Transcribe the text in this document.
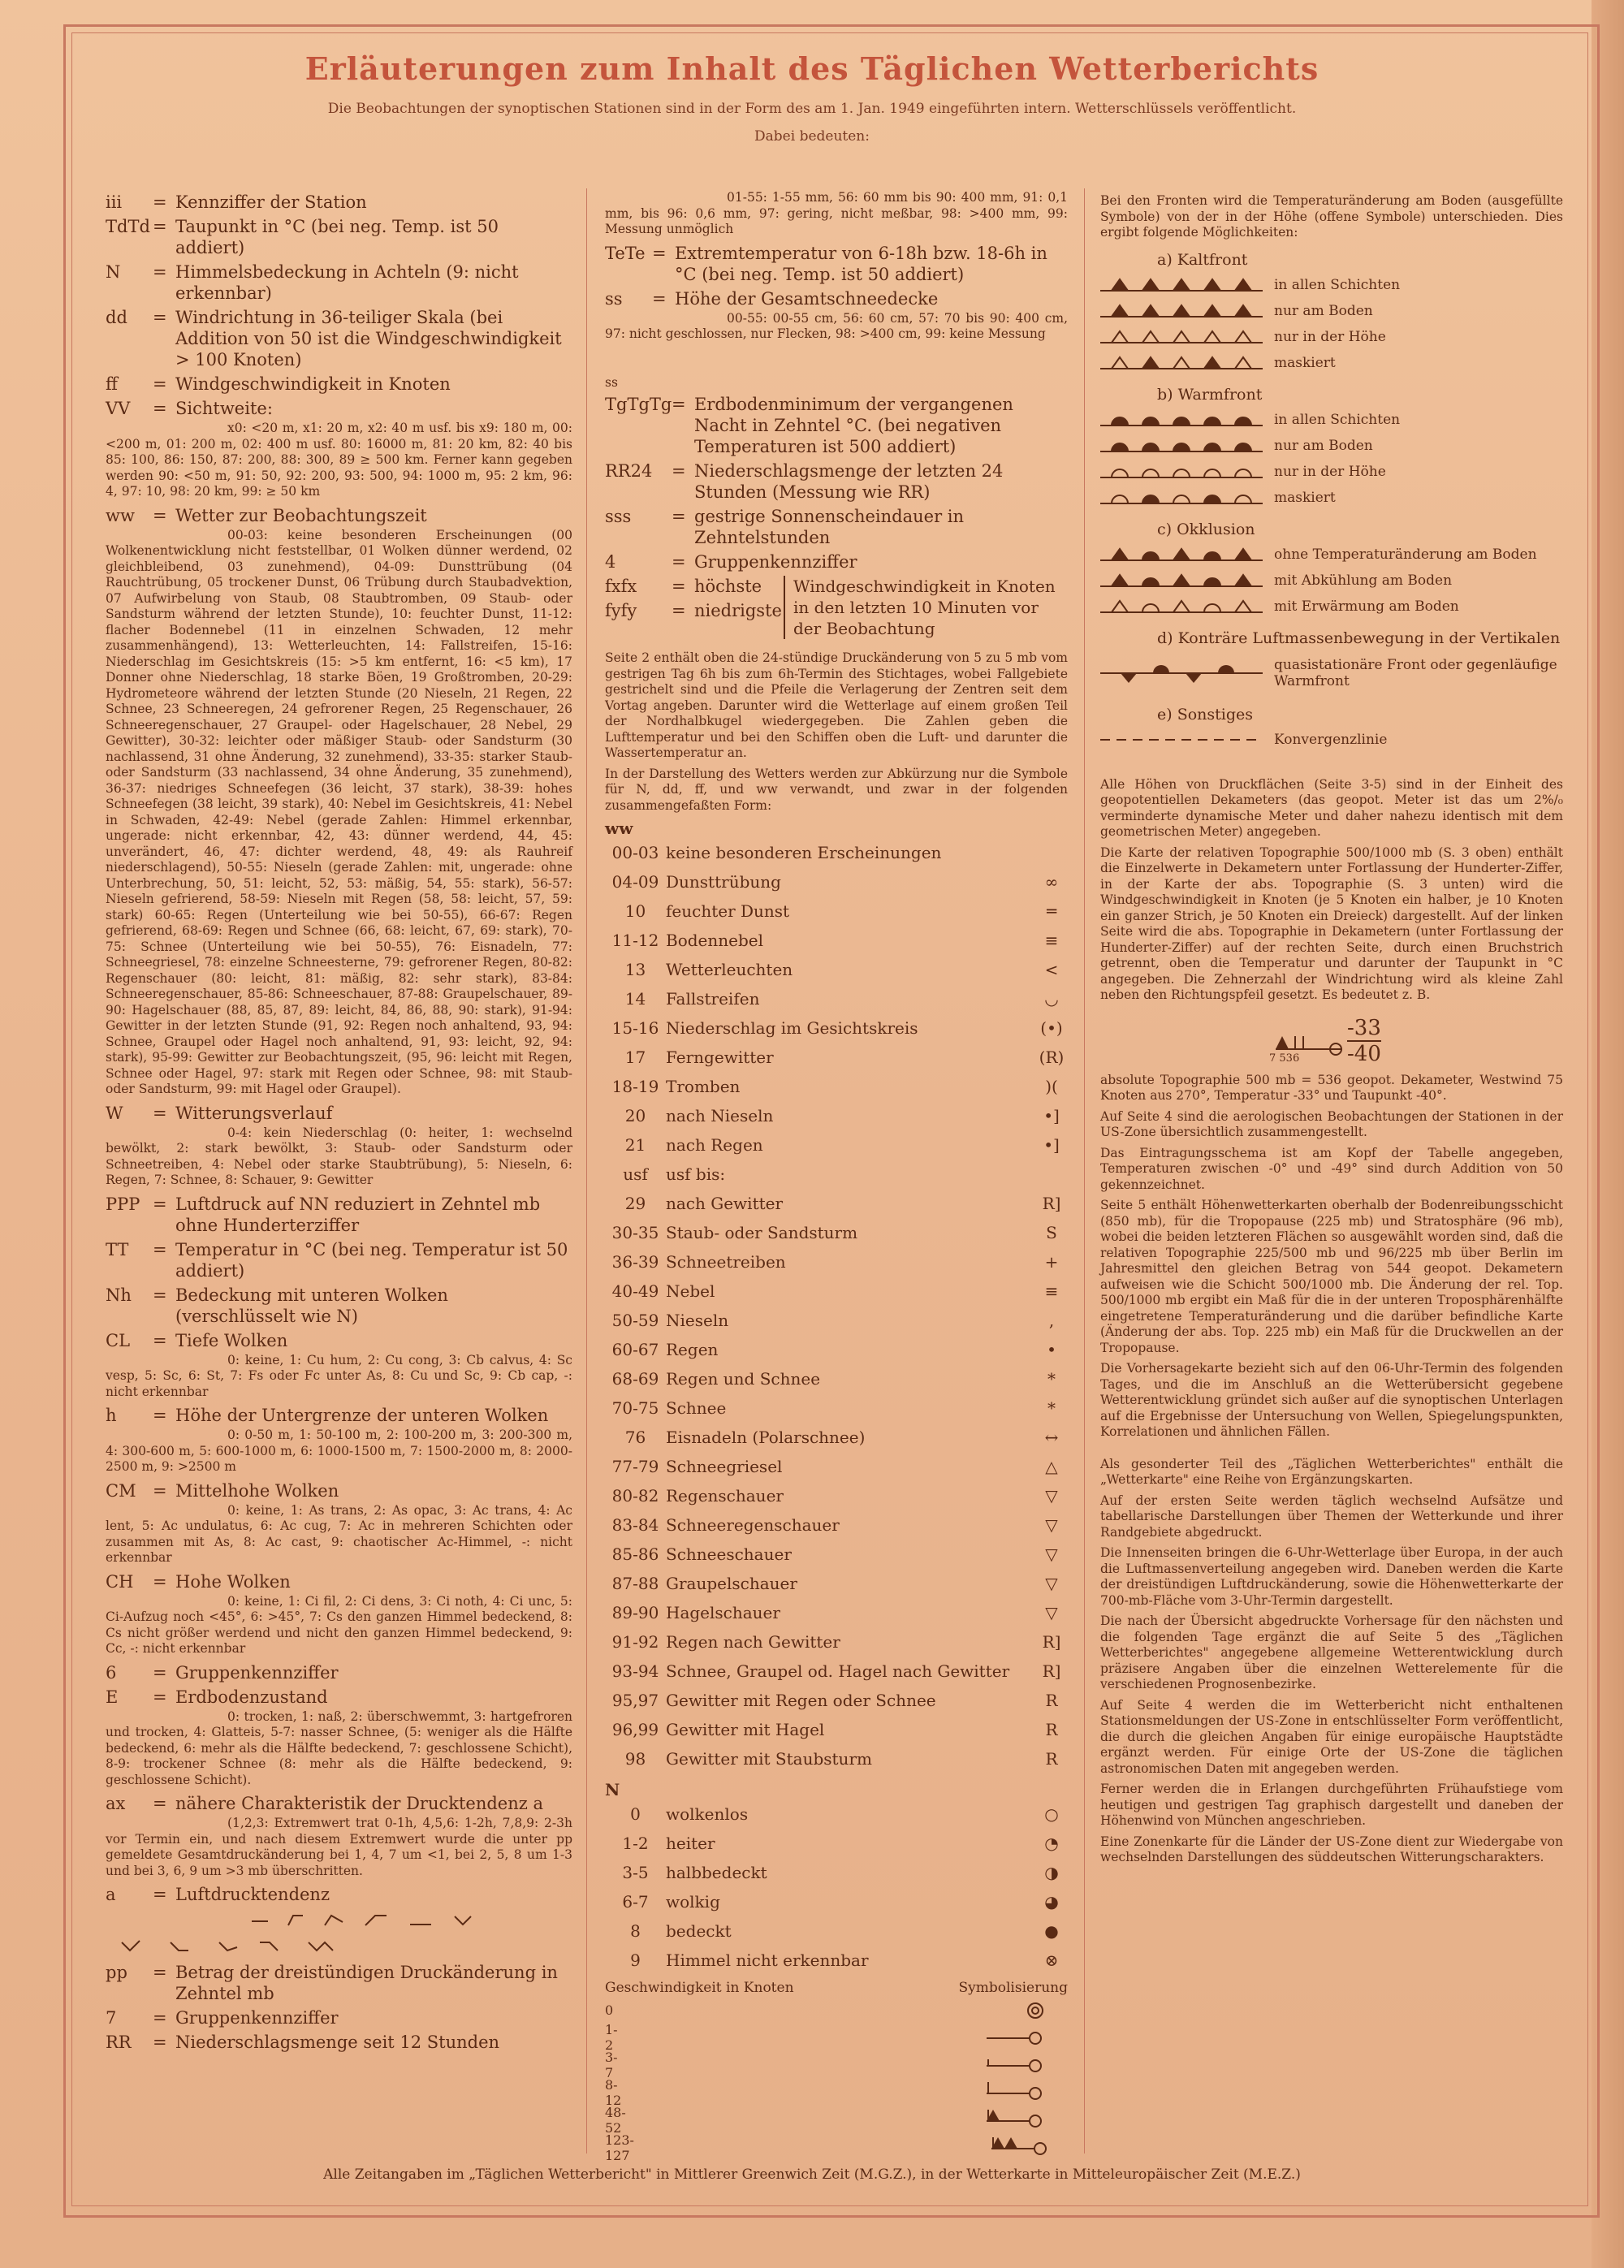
Erläuterungen zum Inhalt des Täglichen Wetterberichts
Die Beobachtungen der synoptischen Stationen sind in der Form des am 1. Jan. 1949 eingeführten intern. Wetterschlüssels veröffentlicht.
Dabei bedeuten:
iii	= Kennziffer der Station
TdTd = Taupunkt in °C (bei neg. Temp. ist 50 addiert)
N	= Himmelsbedeckung in Achteln (9: nicht erkennbar)
dd	= Windrichtung in 36-teiliger Skala (bei Addition von 50 ist die Windgeschwindigkeit > 100 Knoten)
ff	= Windgeschwindigkeit in Knoten
VV	= Sichtweite:
x0: <20 m, x1: 20 m, x2: 40 m usf. bis x9: 180 m, 00: <200 m, 01: 200 m, 02: 400 m usf. 80: 16000 m, 81: 20 km, 82: 40 bis 85: 100, 86: 150, 87: 200, 88: 300, 89 ≥ 500 km. Ferner kann gegeben werden 90: <50 m, 91: 50, 92: 200, 93: 500, 94: 1000 m, 95: 2 km, 96: 4, 97: 10, 98: 20 km, 99: ≥ 50 km
ww	= Wetter zur Beobachtungszeit
00-03: keine besonderen Erscheinungen (00 Wolkenentwicklung nicht feststellbar, 01 Wolken dünner werdend, 02 gleichbleibend, 03 zunehmend), 04-09: Dunsttrübung (04 Rauchtrübung, 05 trockener Dunst, 06 Trübung durch Staubadvektion, 07 Aufwirbelung von Staub, 08 Staubtromben, 09 Staub- oder Sandsturm während der letzten Stunde), 10: feuchter Dunst, 11-12: flacher Bodennebel (11 in einzelnen Schwaden, 12 mehr zusammenhängend), 13: Wetterleuchten, 14: Fallstreifen, 15-16: Niederschlag im Gesichtskreis (15: >5 km entfernt, 16: <5 km), 17 Donner ohne Niederschlag, 18 starke Böen, 19 Großtromben, 20-29: Hydrometeore während der letzten Stunde (20 Nieseln, 21 Regen, 22 Schnee, 23 Schneeregen, 24 gefrorener Regen, 25 Regenschauer, 26 Schneeregenschauer, 27 Graupel- oder Hagelschauer, 28 Nebel, 29 Gewitter), 30-32: leichter oder mäßiger Staub- oder Sandsturm (30 nachlassend, 31 ohne Änderung, 32 zunehmend), 33-35: starker Staub- oder Sandsturm (33 nachlassend, 34 ohne Änderung, 35 zunehmend), 36-37: niedriges Schneefegen (36 leicht, 37 stark), 38-39: hohes Schneefegen (38 leicht, 39 stark), 40: Nebel im Gesichtskreis, 41: Nebel in Schwaden, 42-49: Nebel (gerade Zahlen: Himmel erkennbar, ungerade: nicht erkennbar, 42, 43: dünner werdend, 44, 45: unverändert, 46, 47: dichter werdend, 48, 49: als Rauhreif niederschlagend), 50-55: Nieseln (gerade Zahlen: mit, ungerade: ohne Unterbrechung, 50, 51: leicht, 52, 53: mäßig, 54, 55: stark), 56-57: Nieseln gefrierend, 58-59: Nieseln mit Regen (58, 58: leicht, 57, 59: stark) 60-65: Regen (Unterteilung wie bei 50-55), 66-67: Regen gefrierend, 68-69: Regen und Schnee (66, 68: leicht, 67, 69: stark), 70-75: Schnee (Unterteilung wie bei 50-55), 76: Eisnadeln, 77: Schneegriesel, 78: einzelne Schneesterne, 79: gefrorener Regen, 80-82: Regenschauer (80: leicht, 81: mäßig, 82: sehr stark), 83-84: Schneeregenschauer, 85-86: Schneeschauer, 87-88: Graupelschauer, 89-90: Hagelschauer (88, 85, 87, 89: leicht, 84, 86, 88, 90: stark), 91-94: Gewitter in der letzten Stunde (91, 92: Regen noch anhaltend, 93, 94: Schnee, Graupel oder Hagel noch anhaltend, 91, 93: leicht, 92, 94: stark), 95-99: Gewitter zur Beobachtungszeit, (95, 96: leicht mit Regen, Schnee oder Hagel, 97: stark mit Regen oder Schnee, 98: mit Staub- oder Sandsturm, 99: mit Hagel oder Graupel).
W	= Witterungsverlauf
0-4: kein Niederschlag (0: heiter, 1: wechselnd bewölkt, 2: stark bewölkt, 3: Staub- oder Sandsturm oder Schneetreiben, 4: Nebel oder starke Staubtrübung), 5: Nieseln, 6: Regen, 7: Schnee, 8: Schauer, 9: Gewitter
PPP = Luftdruck auf NN reduziert in Zehntel mb ohne Hunderterziffer
TT	= Temperatur in °C (bei neg. Temperatur ist 50 addiert)
Nh	= Bedeckung mit unteren Wolken (verschlüsselt wie N)
CL	= Tiefe Wolken
0: keine, 1: Cu hum, 2: Cu cong, 3: Cb calvus, 4: Sc vesp, 5: Sc, 6: St, 7: Fs oder Fc unter As, 8: Cu und Sc, 9: Cb cap, -: nicht erkennbar
h	= Höhe der Untergrenze der unteren Wolken
0: 0-50 m, 1: 50-100 m, 2: 100-200 m, 3: 200-300 m, 4: 300-600 m, 5: 600-1000 m, 6: 1000-1500 m, 7: 1500-2000 m, 8: 2000-2500 m, 9: >2500 m
CM = Mittelhohe Wolken
0: keine, 1: As trans, 2: As opac, 3: Ac trans, 4: Ac lent, 5: Ac undulatus, 6: Ac cug, 7: Ac in mehreren Schichten oder zusammen mit As, 8: Ac cast, 9: chaotischer Ac-Himmel, -: nicht erkennbar
CH	= Hohe Wolken
0: keine, 1: Ci fil, 2: Ci dens, 3: Ci noth, 4: Ci unc, 5: Ci-Aufzug noch <45°, 6: >45°, 7: Cs den ganzen Himmel bedeckend, 8: Cs nicht größer werdend und nicht den ganzen Himmel bedeckend, 9: Cc, -: nicht erkennbar
6	= Gruppenkennziffer
E	= Erdbodenzustand
0: trocken, 1: naß, 2: überschwemmt, 3: hartgefroren und trocken, 4: Glatteis, 5-7: nasser Schnee, (5: weniger als die Hälfte bedeckend, 6: mehr als die Hälfte bedeckend, 7: geschlossene Schicht), 8-9: trockener Schnee (8: mehr als die Hälfte bedeckend, 9: geschlossene Schicht).
ax	= nähere Charakteristik der Drucktendenz a
(1,2,3: Extremwert trat 0-1h, 4,5,6: 1-2h, 7,8,9: 2-3h vor Termin ein, und nach diesem Extremwert wurde die unter pp gemeldete Gesamtdruckänderung bei 1, 4, 7 um <1, bei 2, 5, 8 um 1-3 und bei 3, 6, 9 um >3 mb überschritten.
a	= Luftdrucktendenz
pp	= Betrag der dreistündigen Druckänderung in Zehntel mb
7	= Gruppenkennziffer
RR	= Niederschlagsmenge seit 12 Stunden
01-55: 1-55 mm, 56: 60 mm bis 90: 400 mm, 91: 0,1 mm, bis 96: 0,6 mm, 97: gering, nicht meßbar, 98: >400 mm, 99: Messung unmöglich
TeTe = Extremtemperatur von 6-18h bzw. 18-6h in °C (bei neg. Temp. ist 50 addiert)
ss	= Höhe der Gesamtschneedecke
00-55: 00-55 cm, 56: 60 cm, 57: 70 bis 90: 400 cm, 97: nicht geschlossen, nur Flecken, 98: >400 cm, 99: keine Messung
ss
TgTgTg = Erdbodenminimum der vergangenen Nacht in Zehntel °C. (bei negativen Temperaturen ist 500 addiert)
RR24	= Niederschlagsmenge der letzten 24 Stunden (Messung wie RR)
sss	= gestrige Sonnenscheindauer in Zehntelstunden
4	= Gruppenkennziffer
fxfx	= höchste
fyfy	= niedrigste
Windgeschwindigkeit in Knoten in den letzten 10 Minuten vor der Beobachtung
Seite 2 enthält oben die 24-stündige Druckänderung von 5 zu 5 mb vom gestrigen Tag 6h bis zum 6h-Termin des Stichtages, wobei Fallgebiete gestrichelt sind und die Pfeile die Verlagerung der Zentren seit dem Vortag angeben. Darunter wird die Wetterlage auf einem großen Teil der Nordhalbkugel wiedergegeben. Die Zahlen geben die Lufttemperatur und bei den Schiffen oben die Luft- und darunter die Wassertemperatur an.
In der Darstellung des Wetters werden zur Abkürzung nur die Symbole für N, dd, ff, und ww verwandt, und zwar in der folgenden zusammengefaßten Form:
ww
00-03 keine besonderen Erscheinungen
04-09 Dunsttrübung	∞
10	feuchter Dunst	═
11-12 Bodennebel	≡
13	Wetterleuchten	<
14	Fallstreifen	◡
15-16 Niederschlag im Gesichtskreis	(•)
17	Ferngewitter	(R)
18-19 Tromben	)(
20	nach Nieseln	•]
21	nach Regen	•]
usf	usf bis:
29	nach Gewitter	R]
30-35 Staub- oder Sandsturm	S
36-39 Schneetreiben	+
40-49 Nebel	≡
50-59 Nieseln	,
60-67 Regen	•
68-69 Regen und Schnee	*
70-75 Schnee	*
76	Eisnadeln (Polarschnee)	↔
77-79 Schneegriesel	△
80-82 Regenschauer	▽
83-84 Schneeregenschauer	▽
85-86 Schneeschauer	▽
87-88 Graupelschauer	▽
89-90 Hagelschauer	▽
91-92 Regen nach Gewitter	R]
93-94 Schnee, Graupel od. Hagel nach Gewitter	R]
95,97 Gewitter mit Regen oder Schnee	R
96,99 Gewitter mit Hagel	R
98	Gewitter mit Staubsturm	R
N
0	wolkenlos	○
1-2	heiter	◔
3-5	halbbedeckt	◑
6-7	wolkig	◕
8	bedeckt	●
9	Himmel nicht erkennbar	⊗
Geschwindigkeit in Knoten	Symbolisierung
0
1- 2
3- 7
8- 12
48- 52
123-127
Bei den Fronten wird die Temperaturänderung am Boden (ausgefüllte Symbole) von der in der Höhe (offene Symbole) unterschieden. Dies ergibt folgende Möglichkeiten:
a) Kaltfront
in allen Schichten
nur am Boden
nur in der Höhe
maskiert
b) Warmfront
in allen Schichten
nur am Boden
nur in der Höhe
maskiert
c) Okklusion
ohne Temperaturänderung am Boden
mit Abkühlung am Boden
mit Erwärmung am Boden
d) Konträre Luftmassenbewegung in der Vertikalen
quasistationäre Front oder gegenläufige Warmfront
e) Sonstiges
Konvergenzlinie
Alle Höhen von Druckflächen (Seite 3-5) sind in der Einheit des geopotentiellen Dekameters (das geopot. Meter ist das um 2%/₀ verminderte dynamische Meter und daher nahezu identisch mit dem geometrischen Meter) angegeben.
Die Karte der relativen Topographie 500/1000 mb (S. 3 oben) enthält die Einzelwerte in Dekametern unter Fortlassung der Hunderter-Ziffer, in der Karte der abs. Topographie (S. 3 unten) wird die Windgeschwindigkeit in Knoten (je 5 Knoten ein halber, je 10 Knoten ein ganzer Strich, je 50 Knoten ein Dreieck) dargestellt. Auf der linken Seite wird die abs. Topographie in Dekametern (unter Fortlassung der Hunderter-Ziffer) auf der rechten Seite, durch einen Bruchstrich getrennt, oben die Temperatur und darunter der Taupunkt in °C angegeben. Die Zehnerzahl der Windrichtung wird als kleine Zahl neben den Richtungspfeil gesetzt. Es bedeutet z. B.
-33
-40
7 536
absolute Topographie 500 mb = 536 geopot. Dekameter, Westwind 75 Knoten aus 270°, Temperatur -33° und Taupunkt -40°.
Auf Seite 4 sind die aerologischen Beobachtungen der Stationen in der US-Zone übersichtlich zusammengestellt.
Das Eintragungsschema ist am Kopf der Tabelle angegeben, Temperaturen zwischen -0° und -49° sind durch Addition von 50 gekennzeichnet.
Seite 5 enthält Höhenwetterkarten oberhalb der Bodenreibungsschicht (850 mb), für die Tropopause (225 mb) und Stratosphäre (96 mb), wobei die beiden letzteren Flächen so ausgewählt worden sind, daß die relativen Topographie 225/500 mb und 96/225 mb über Berlin im Jahresmittel den gleichen Betrag von 544 geopot. Dekametern aufweisen wie die Schicht 500/1000 mb. Die Änderung der rel. Top. 500/1000 mb ergibt ein Maß für die in der unteren Troposphärenhälfte eingetretene Temperaturänderung und die darüber befindliche Karte (Änderung der abs. Top. 225 mb) ein Maß für die Druckwellen an der Tropopause.
Die Vorhersagekarte bezieht sich auf den 06-Uhr-Termin des folgenden Tages, und die im Anschluß an die Wetterübersicht gegebene Wetterentwicklung gründet sich außer auf die synoptischen Unterlagen auf die Ergebnisse der Untersuchung von Wellen, Spiegelungspunkten, Korrelationen und ähnlichen Fällen.
Als gesonderter Teil des „Täglichen Wetterberichtes" enthält die „Wetterkarte" eine Reihe von Ergänzungskarten.
Auf der ersten Seite werden täglich wechselnd Aufsätze und tabellarische Darstellungen über Themen der Wetterkunde und ihrer Randgebiete abgedruckt.
Die Innenseiten bringen die 6-Uhr-Wetterlage über Europa, in der auch die Luftmassenverteilung angegeben wird. Daneben werden die Karte der dreistündigen Luftdruckänderung, sowie die Höhenwetterkarte der 700-mb-Fläche vom 3-Uhr-Termin dargestellt.
Die nach der Übersicht abgedruckte Vorhersage für den nächsten und die folgenden Tage ergänzt die auf Seite 5 des „Täglichen Wetterberichtes" angegebene allgemeine Wetterentwicklung durch präzisere Angaben über die einzelnen Wetterelemente für die verschiedenen Prognosenbezirke.
Auf Seite 4 werden die im Wetterbericht nicht enthaltenen Stationsmeldungen der US-Zone in entschlüsselter Form veröffentlicht, die durch die gleichen Angaben für einige europäische Hauptstädte ergänzt werden. Für einige Orte der US-Zone die täglichen astronomischen Daten mit angegeben werden.
Ferner werden die in Erlangen durchgeführten Frühaufstiege vom heutigen und gestrigen Tag graphisch dargestellt und daneben der Höhenwind von München angeschrieben.
Eine Zonenkarte für die Länder der US-Zone dient zur Wiedergabe von wechselnden Darstellungen des süddeutschen Witterungscharakters.
Alle Zeitangaben im „Täglichen Wetterbericht" in Mittlerer Greenwich Zeit (M.G.Z.), in der Wetterkarte in Mitteleuropäischer Zeit (M.E.Z.)
